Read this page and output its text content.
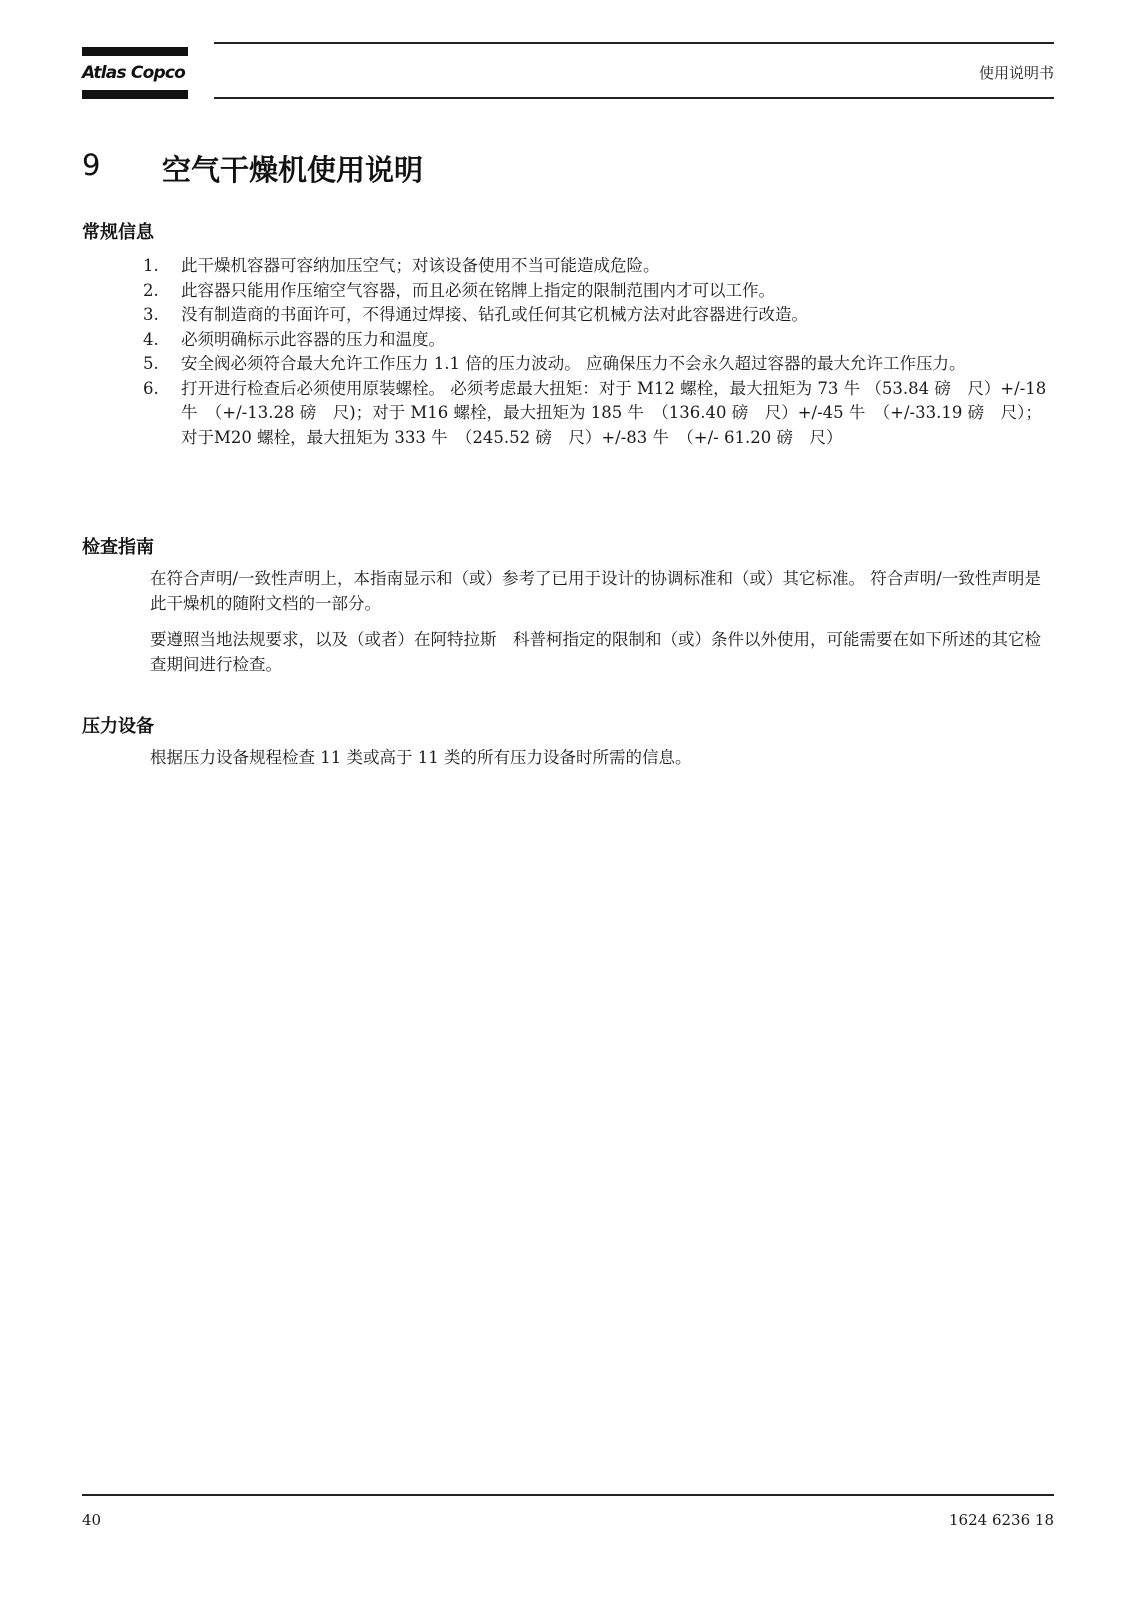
Atlas Copco	使用说明书
9	空气干燥机使用说明
常规信息
1. 此干燥机容器可容纳加压空气；对该设备使用不当可能造成危险。
2. 此容器只能用作压缩空气容器，而且必须在铭牌上指定的限制范围内才可以工作。
3. 没有制造商的书面许可，不得通过焊接、钻孔或任何其它机械方法对此容器进行改造。
4. 必须明确标示此容器的压力和温度。
5. 安全阀必须符合最大允许工作压力 1.1 倍的压力波动。 应确保压力不会永久超过容器的最大允许工作压力。
6. 打开进行检查后必须使用原装螺栓。 必须考虑最大扭矩：对于 M12 螺栓，最大扭矩为 73 牛 （53.84 磅　尺）+/-18 牛　（+/-13.28 磅　尺)；对于 M16 螺栓，最大扭矩为 185 牛　（136.40 磅　尺）+/-45 牛　（+/-33.19 磅　尺）；对于M20 螺栓，最大扭矩为 333 牛　（245.52 磅　尺）+/-83 牛　（+/- 61.20 磅　尺）
检查指南

在符合声明/一致性声明上，本指南显示和（或）参考了已用于设计的协调标准和（或）其它标准。 符合声明/一致性声明是此干燥机的随附文档的一部分。

要遵照当地法规要求，以及（或者）在阿特拉斯　科普柯指定的限制和（或）条件以外使用，可能需要在如下所述的其它检查期间进行检查。

压力设备

根据压力设备规程检查 11 类或高于 11 类的所有压力设备时所需的信息。

40	1624 6236 18
